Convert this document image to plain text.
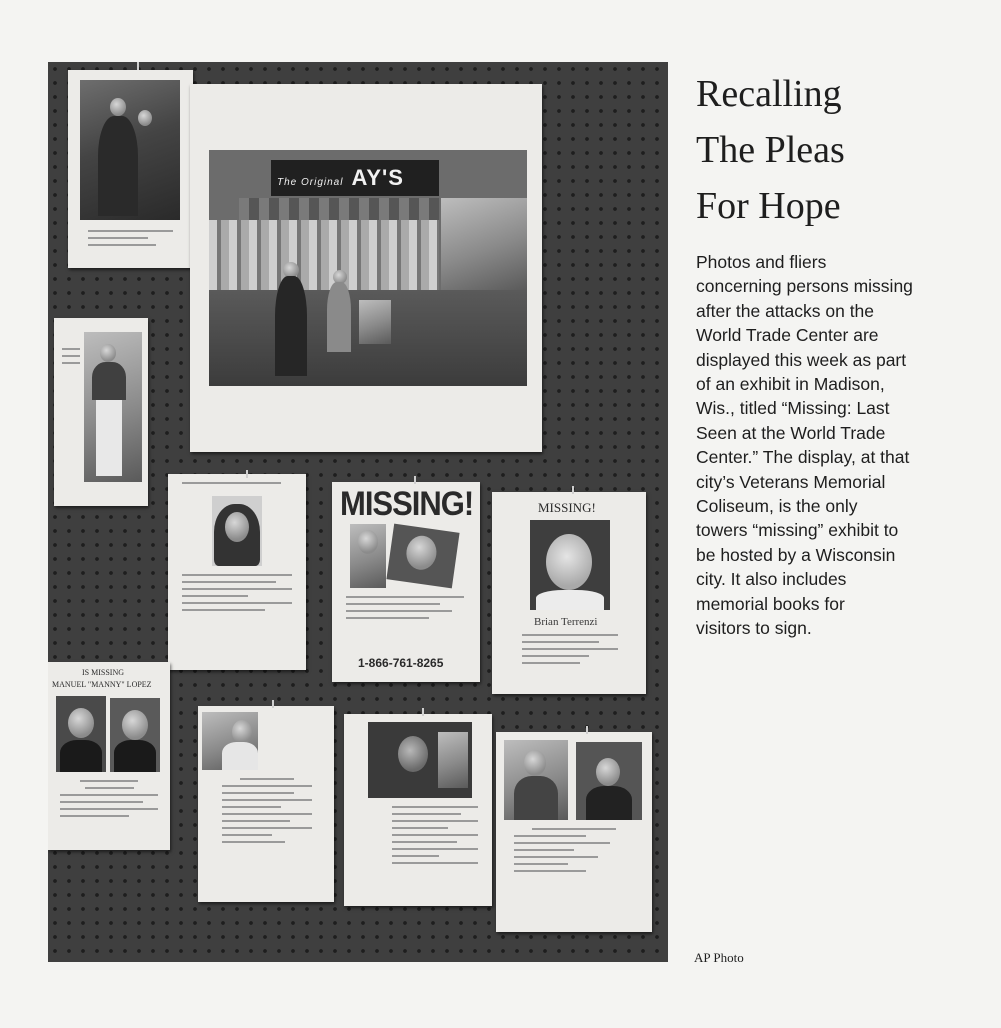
The Original AY'S
MISSING!
1-866-761-8265
MISSING!
Brian Terrenzi
IS MISSING
MANUEL "MANNY" LOPEZ
Recalling
The Pleas
For Hope

Photos and fliers
concerning persons missing
after the attacks on the
World Trade Center are
displayed this week as part
of an exhibit in Madison,
Wis., titled “Missing: Last
Seen at the World Trade
Center.” The display, at that
city’s Veterans Memorial
Coliseum, is the only
towers “missing” exhibit to
be hosted by a Wisconsin
city. It also includes
memorial books for
visitors to sign.

AP Photo
